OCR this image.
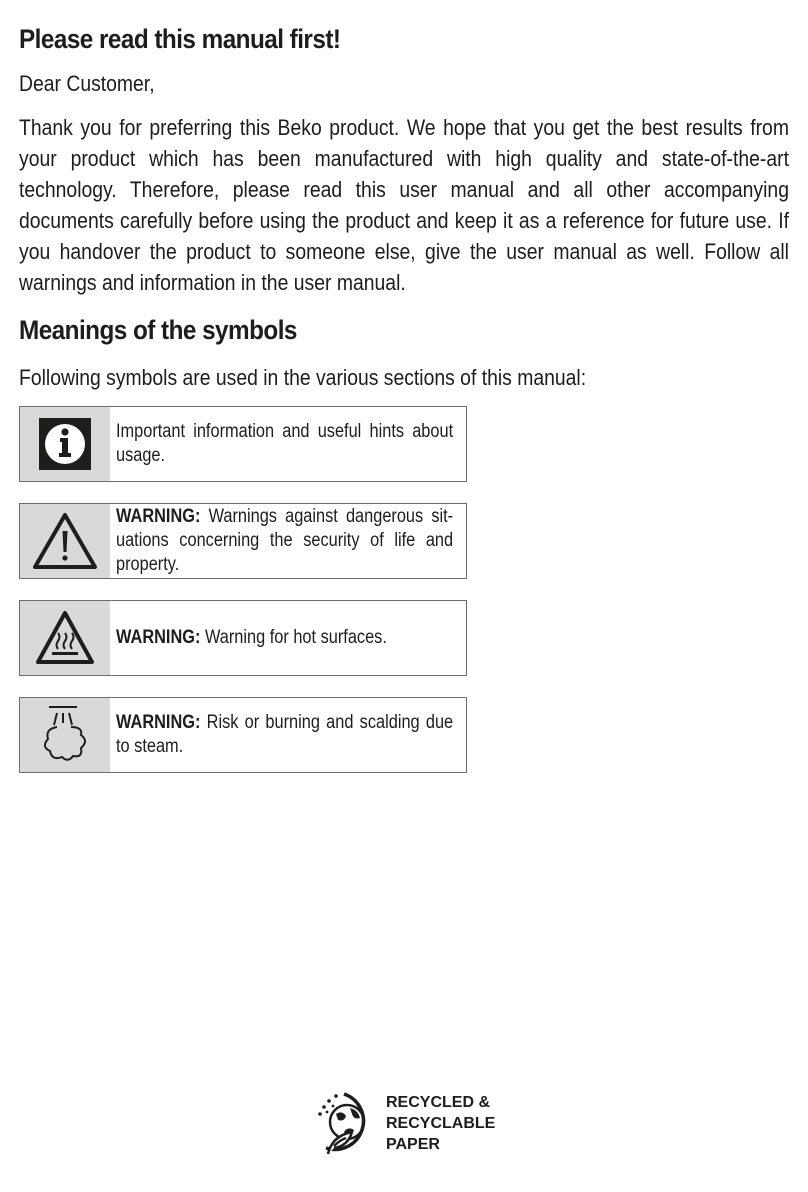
Please read this manual first!

Dear Customer,

Thank you for preferring this Beko product. We hope that you get the best results from your product which has been manufactured with high quality and state-of-the-art technology. Therefore, please read this user manual and all other accompanying documents carefully before using the product and keep it as a reference for future use. If you handover the product to someone else, give the user manual as well. Follow all warnings and information in the user manual.

Meanings of the symbols

Following symbols are used in the various sections of this manual:

Important information and useful hints about usage.

WARNING: Warnings against dangerous sit-uations concerning the security of life and property.

WARNING: Warning for hot surfaces.

WARNING: Risk or burning and scalding due to steam.

RECYCLED &
RECYCLABLE
PAPER
